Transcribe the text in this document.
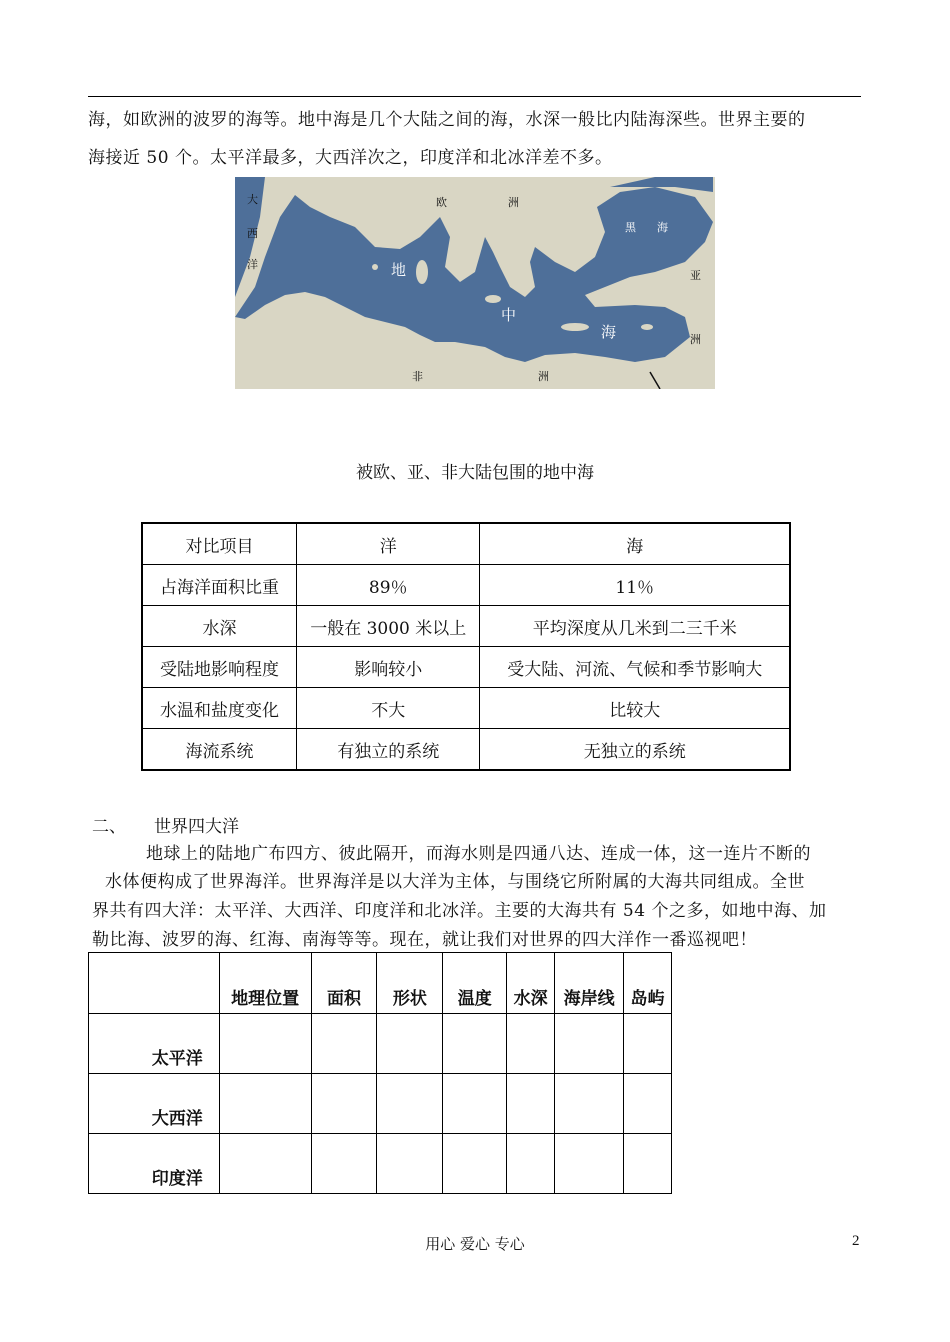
海，如欧洲的波罗的海等。地中海是几个大陆之间的海，水深一般比内陆海深些。世界主要的
海接近 50 个。太平洋最多，大西洋次之，印度洋和北冰洋差不多。
大
西
洋
欧	洲
黑 海
亚
洲
地
中
海
非	洲
被欧、亚、非大陆包围的地中海
对比项目	洋	海
占海洋面积比重	89％	11％
水深	一般在 3000 米以上	平均深度从几米到二三千米
受陆地影响程度	影响较小	受大陆、河流、气候和季节影响大
水温和盐度变化	不大	比较大
海流系统	有独立的系统	无独立的系统
二、 世界四大洋
地球上的陆地广布四方、彼此隔开，而海水则是四通八达、连成一体，这一连片不断的
水体便构成了世界海洋。世界海洋是以大洋为主体，与围绕它所附属的大海共同组成。全世
界共有四大洋：太平洋、大西洋、印度洋和北冰洋。主要的大海共有 54 个之多，如地中海、加
勒比海、波罗的海、红海、南海等等。现在，就让我们对世界的四大洋作一番巡视吧！
	地理位置	面积	形状	温度	水深	海岸线	岛屿
太平洋							
大西洋							
印度洋							
用心 爱心 专心	2
